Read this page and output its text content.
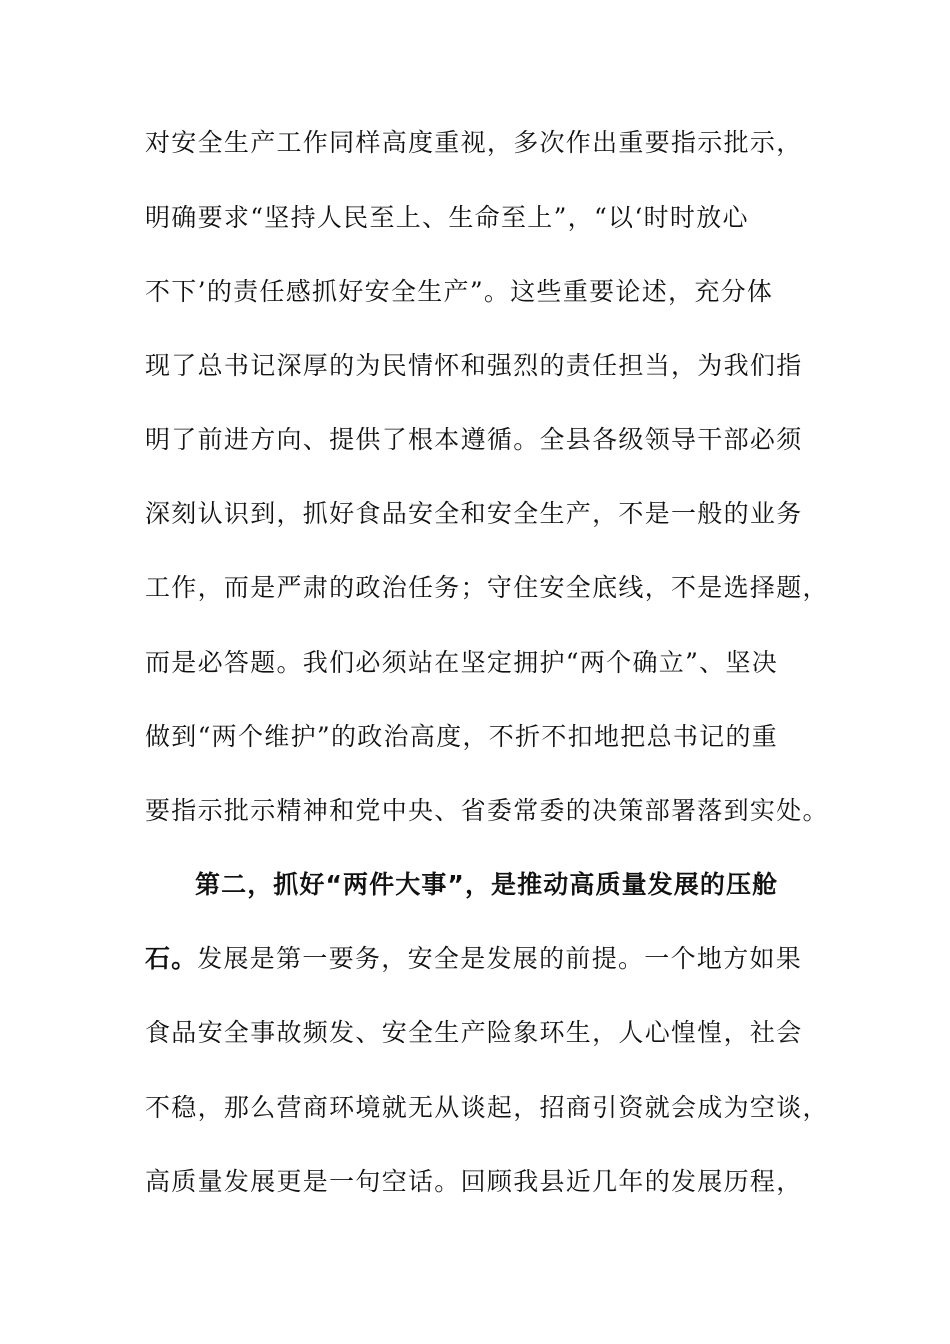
对安全生产工作同样高度重视，多次作出重要指示批示，
明确要求“坚持人民至上、生命至上”，“以‘时时放心
不下’的责任感抓好安全生产”。这些重要论述，充分体
现了总书记深厚的为民情怀和强烈的责任担当，为我们指
明了前进方向、提供了根本遵循。全县各级领导干部必须
深刻认识到，抓好食品安全和安全生产，不是一般的业务
工作，而是严肃的政治任务；守住安全底线，不是选择题，
而是必答题。我们必须站在坚定拥护“两个确立”、坚决
做到“两个维护”的政治高度，不折不扣地把总书记的重
要指示批示精神和党中央、省委常委的决策部署落到实处。
第二，抓好“两件大事”，是推动高质量发展的压舱
石。发展是第一要务，安全是发展的前提。一个地方如果
食品安全事故频发、安全生产险象环生，人心惶惶，社会
不稳，那么营商环境就无从谈起，招商引资就会成为空谈，
高质量发展更是一句空话。回顾我县近几年的发展历程，
